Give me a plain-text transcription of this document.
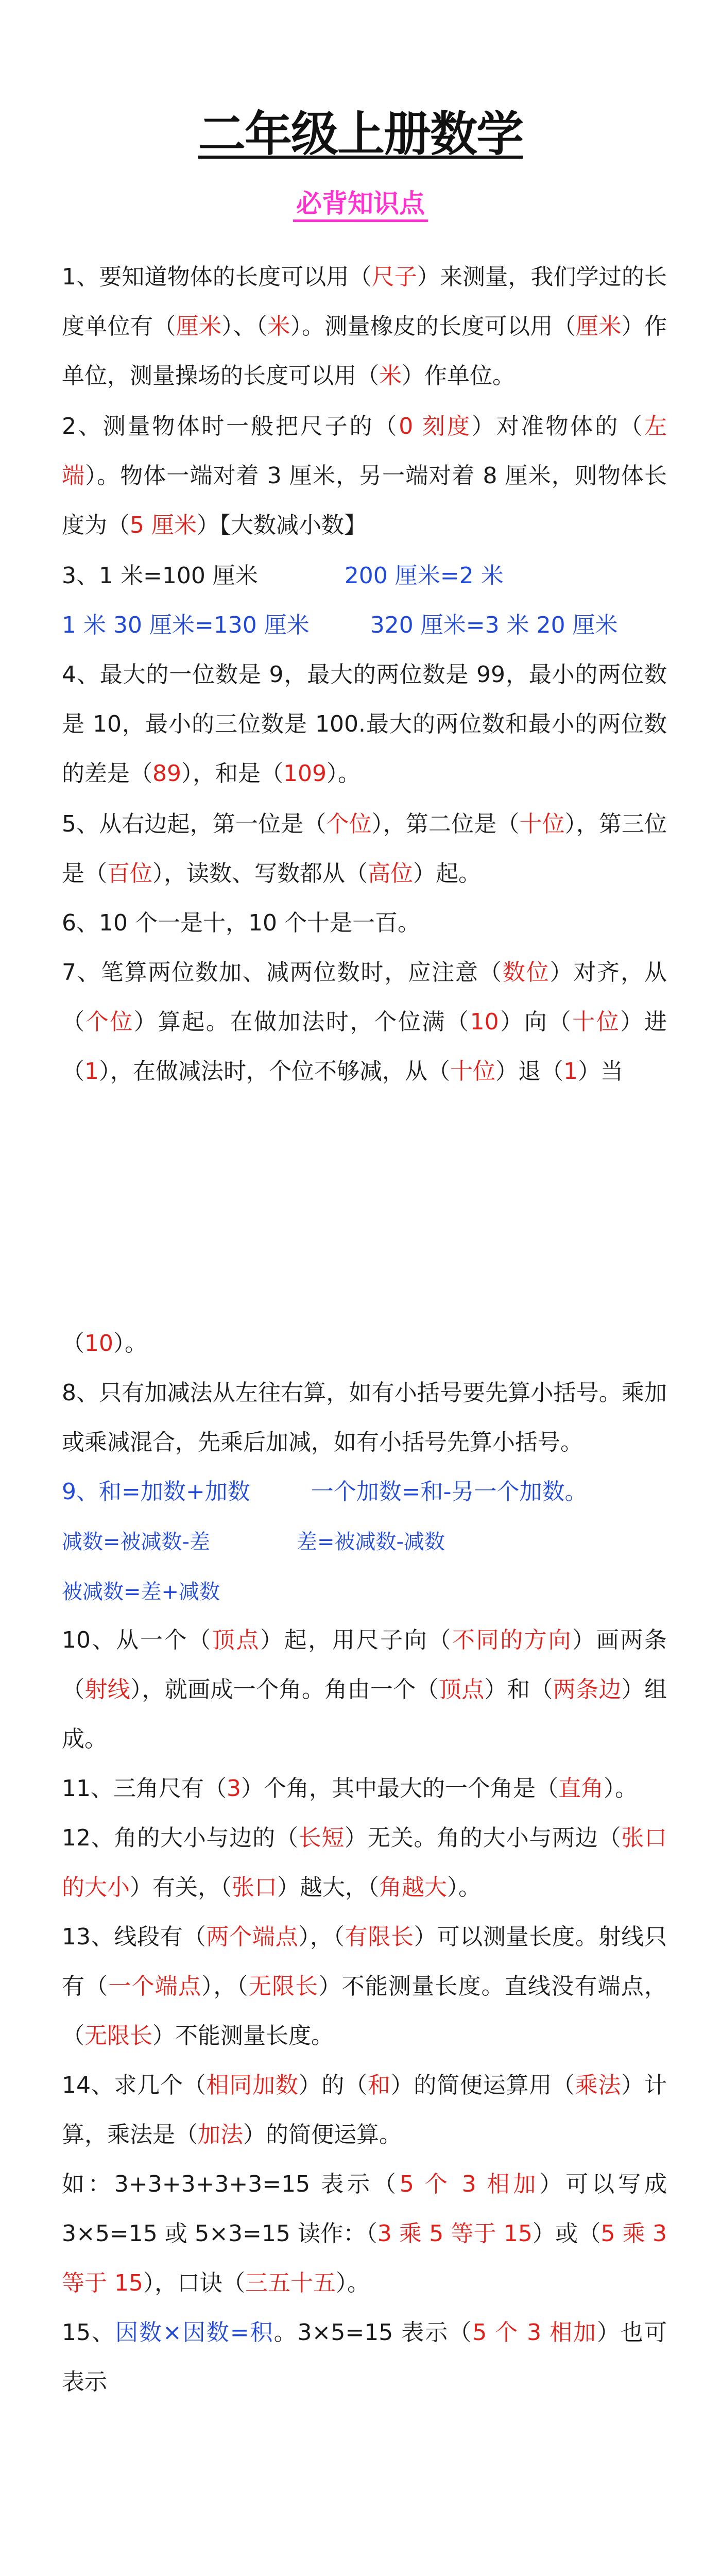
二年级上册数学
必背知识点
1、要知道物体的长度可以用（尺子）来测量，我们学过的长度单位有（厘米）、（米）。测量橡皮的长度可以用（厘米）作单位，测量操场的长度可以用（米）作单位。
2、测量物体时一般把尺子的（0 刻度）对准物体的（左端）。物体一端对着 3 厘米，另一端对着 8 厘米，则物体长度为（5 厘米）【大数减小数】
3、1 米=100 厘米	200 厘米=2 米
1 米 30 厘米=130 厘米	320 厘米=3 米 20 厘米
4、最大的一位数是 9，最大的两位数是 99，最小的两位数是 10，最小的三位数是 100.最大的两位数和最小的两位数的差是（89），和是（109）。
5、从右边起，第一位是（个位），第二位是（十位），第三位是（百位），读数、写数都从（高位）起。
6、10 个一是十，10 个十是一百。
7、笔算两位数加、减两位数时，应注意（数位）对齐，从（个位）算起。在做加法时，个位满（10）向（十位）进（1），在做减法时，个位不够减，从（十位）退（1）当
（10）。
8、只有加减法从左往右算，如有小括号要先算小括号。乘加或乘减混合，先乘后加减，如有小括号先算小括号。
9、和=加数+加数	一个加数=和-另一个加数。
减数=被减数-差	差=被减数-减数
被减数=差+减数
10、从一个（顶点）起，用尺子向（不同的方向）画两条（射线），就画成一个角。角由一个（顶点）和（两条边）组成。
11、三角尺有（3）个角，其中最大的一个角是（直角）。
12、角的大小与边的（长短）无关。角的大小与两边（张口的大小）有关，（张口）越大，（角越大）。
13、线段有（两个端点），（有限长）可以测量长度。射线只有（一个端点），（无限长）不能测量长度。直线没有端点，（无限长）不能测量长度。
14、求几个（相同加数）的（和）的简便运算用（乘法）计算，乘法是（加法）的简便运算。
如：3+3+3+3+3=15 表示（5 个 3 相加）可以写成 3×5=15 或 5×3=15 读作：（3 乘 5 等于 15）或（5 乘 3 等于 15），口诀（三五十五）。
15、因数×因数=积。3×5=15 表示（5 个 3 相加）也可表示
